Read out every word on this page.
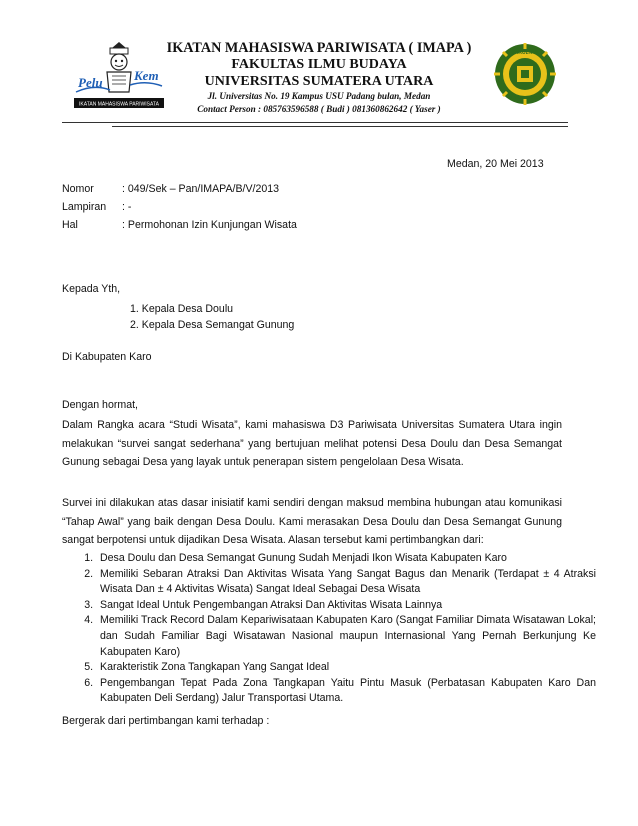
Pelu Kem
IKATAN MAHASISWA PARIWISATA
FAKULTAS
ILMU BUDAYA
IKATAN MAHASISWA PARIWISATA ( IMAPA )
FAKULTAS ILMU BUDAYA
UNIVERSITAS SUMATERA UTARA
Jl. Universitas No. 19 Kampus USU Padang bulan, Medan
Contact Person : 085763596588 ( Budi ) 081360862642 ( Yaser )
Medan, 20 Mei 2013
Nomor	: 049/Sek – Pan/IMAPA/B/V/2013
Lampiran : -
Hal	: Permohonan Izin Kunjungan Wisata
Kepada Yth,
1. Kepala Desa Doulu
2. Kepala Desa Semangat Gunung
Di Kabupaten Karo
Dengan hormat,
Dalam Rangka acara “Studi Wisata”, kami mahasiswa D3 Pariwisata Universitas Sumatera Utara ingin melakukan “survei sangat sederhana” yang bertujuan melihat potensi Desa Doulu dan Desa Semangat Gunung sebagai Desa yang layak untuk penerapan sistem pengelolaan Desa Wisata.
Survei ini dilakukan atas dasar inisiatif kami sendiri dengan maksud membina hubungan atau komunikasi “Tahap Awal” yang baik dengan Desa Doulu. Kami merasakan Desa Doulu dan Desa Semangat Gunung sangat berpotensi untuk dijadikan Desa Wisata. Alasan tersebut kami pertimbangkan dari:
1. Desa Doulu dan Desa Semangat Gunung Sudah Menjadi Ikon Wisata Kabupaten Karo
2. Memiliki Sebaran Atraksi Dan Aktivitas Wisata Yang Sangat Bagus dan Menarik (Terdapat ± 4 Atraksi Wisata Dan ± 4 Aktivitas Wisata) Sangat Ideal Sebagai Desa Wisata
3. Sangat Ideal Untuk Pengembangan Atraksi Dan Aktivitas Wisata Lainnya
4. Memiliki Track Record Dalam Kepariwisataan Kabupaten Karo (Sangat Familiar Dimata Wisatawan Lokal; dan Sudah Familiar Bagi Wisatawan Nasional maupun Internasional Yang Pernah Berkunjung Ke Kabupaten Karo)
5. Karakteristik Zona Tangkapan Yang Sangat Ideal
6. Pengembangan Tepat Pada Zona Tangkapan Yaitu Pintu Masuk (Perbatasan Kabupaten Karo Dan Kabupaten Deli Serdang) Jalur Transportasi Utama.
Bergerak dari pertimbangan kami terhadap :
